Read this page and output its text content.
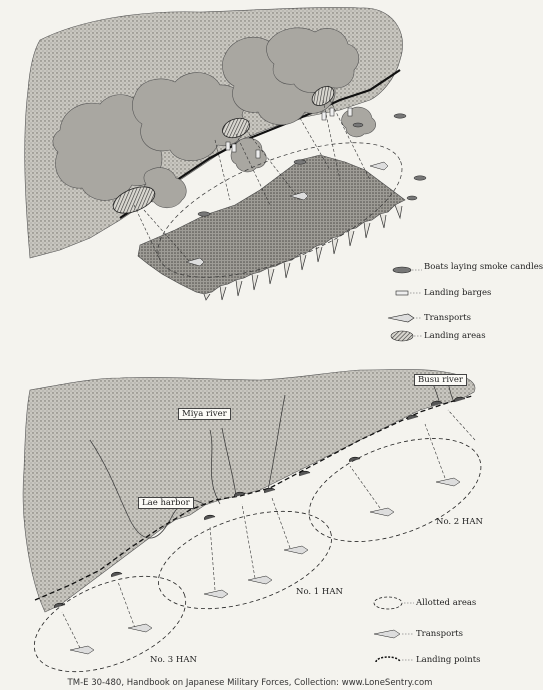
Boats laying smoke candles
Landing barges
Transports
Landing areas
Miya river
Busu river
Lae harbor
No. 1 HAN
No. 2 HAN
No. 3 HAN
Allotted areas
Transports
Landing points
TM-E 30-480, Handbook on Japanese Military Forces, Collection: www.LoneSentry.com
